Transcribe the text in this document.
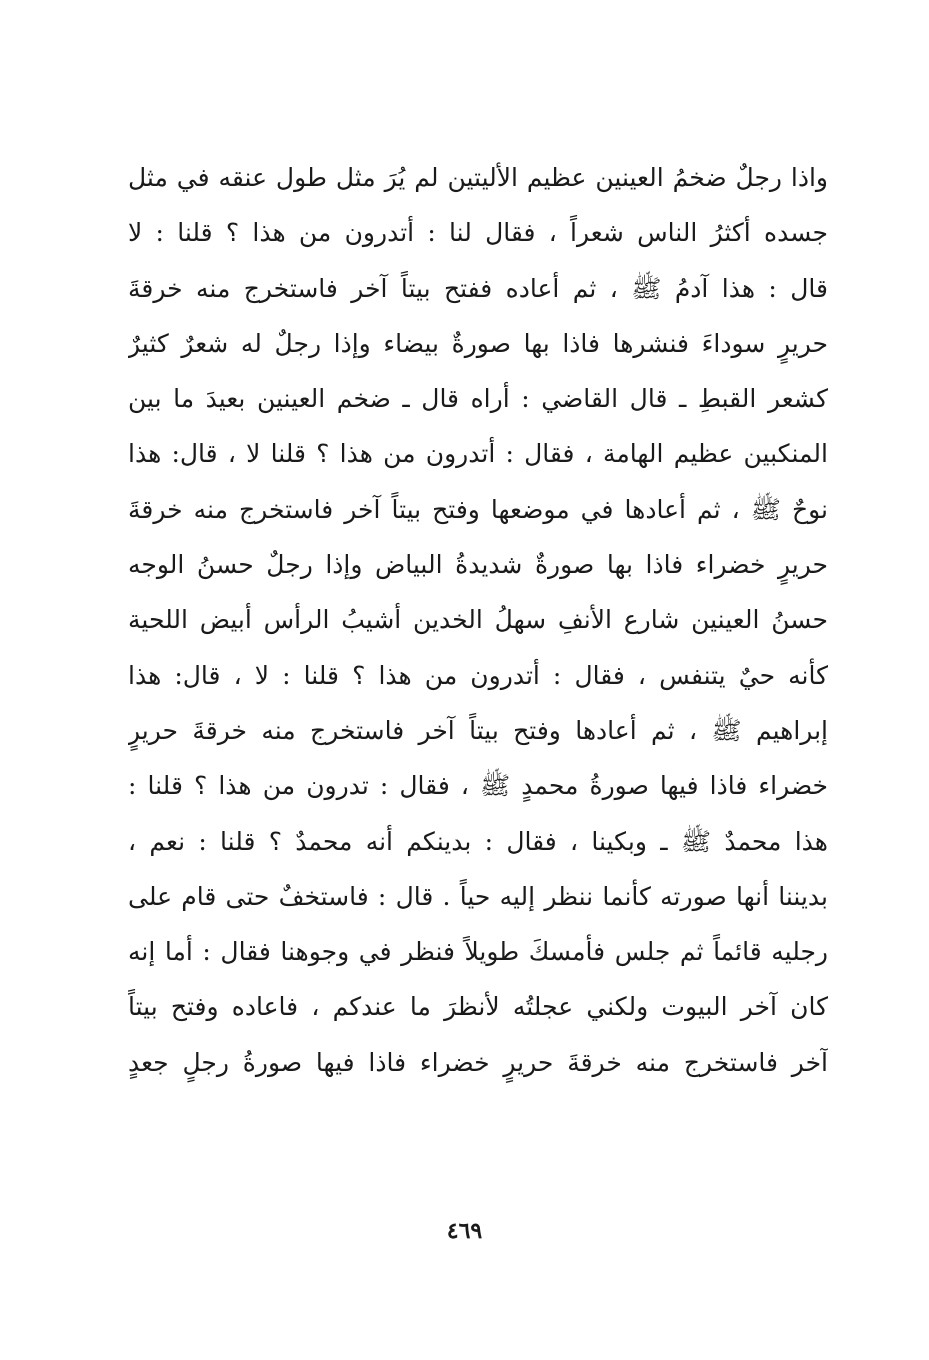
واذا رجلٌ ضخمُ العينين عظيم الأليتين لم يُرَ مثل طول عنقه في مثل
جسده أكثرُ الناس شعراً ، فقال لنا : أتدرون من هذا ؟ قلنا : لا
قال : هذا آدمُ ﷺ ، ثم أعاده ففتح بيتاً آخر فاستخرج منه خرقةَ
حريرٍ سوداءَ فنشرها فاذا بها صورةٌ بيضاء وإذا رجلٌ له شعرٌ كثيرٌ
كشعر القبطِ ـ قال القاضي : أراه قال ـ ضخم العينين بعيدَ ما بين
المنكبين عظيم الهامة ، فقال : أتدرون من هذا ؟ قلنا لا ، قال: هذا
نوحٌ ﷺ ، ثم أعادها في موضعها وفتح بيتاً آخر فاستخرج منه خرقةَ
حريرٍ خضراء فاذا بها صورةٌ شديدةُ البياض وإذا رجلٌ حسنُ الوجه
حسنُ العينين شارع الأنفِ سهلُ الخدين أشيبُ الرأس أبيض اللحية
كأنه حيٌ يتنفس ، فقال : أتدرون من هذا ؟ قلنا : لا ، قال: هذا
إبراهيم ﷺ ، ثم أعادها وفتح بيتاً آخر فاستخرج منه خرقةَ حريرٍ
خضراء فاذا فيها صورةُ محمدٍ ﷺ ، فقال : تدرون من هذا ؟ قلنا :
هذا محمدٌ ﷺ ـ وبكينا ، فقال : بدينكم أنه محمدٌ ؟ قلنا : نعم ،
بديننا أنها صورته كأنما ننظر إليه حياً . قال : فاستخفٌ حتى قام على
رجليه قائماً ثم جلس فأمسكَ طويلاً فنظر في وجوهنا فقال : أما إنه
كان آخر البيوت ولكني عجلتُه لأنظرَ ما عندكم ، فاعاده وفتح بيتاً
آخر فاستخرج منه خرقةَ حريرٍ خضراء فاذا فيها صورةُ رجلٍ جعدٍ
٤٦٩
